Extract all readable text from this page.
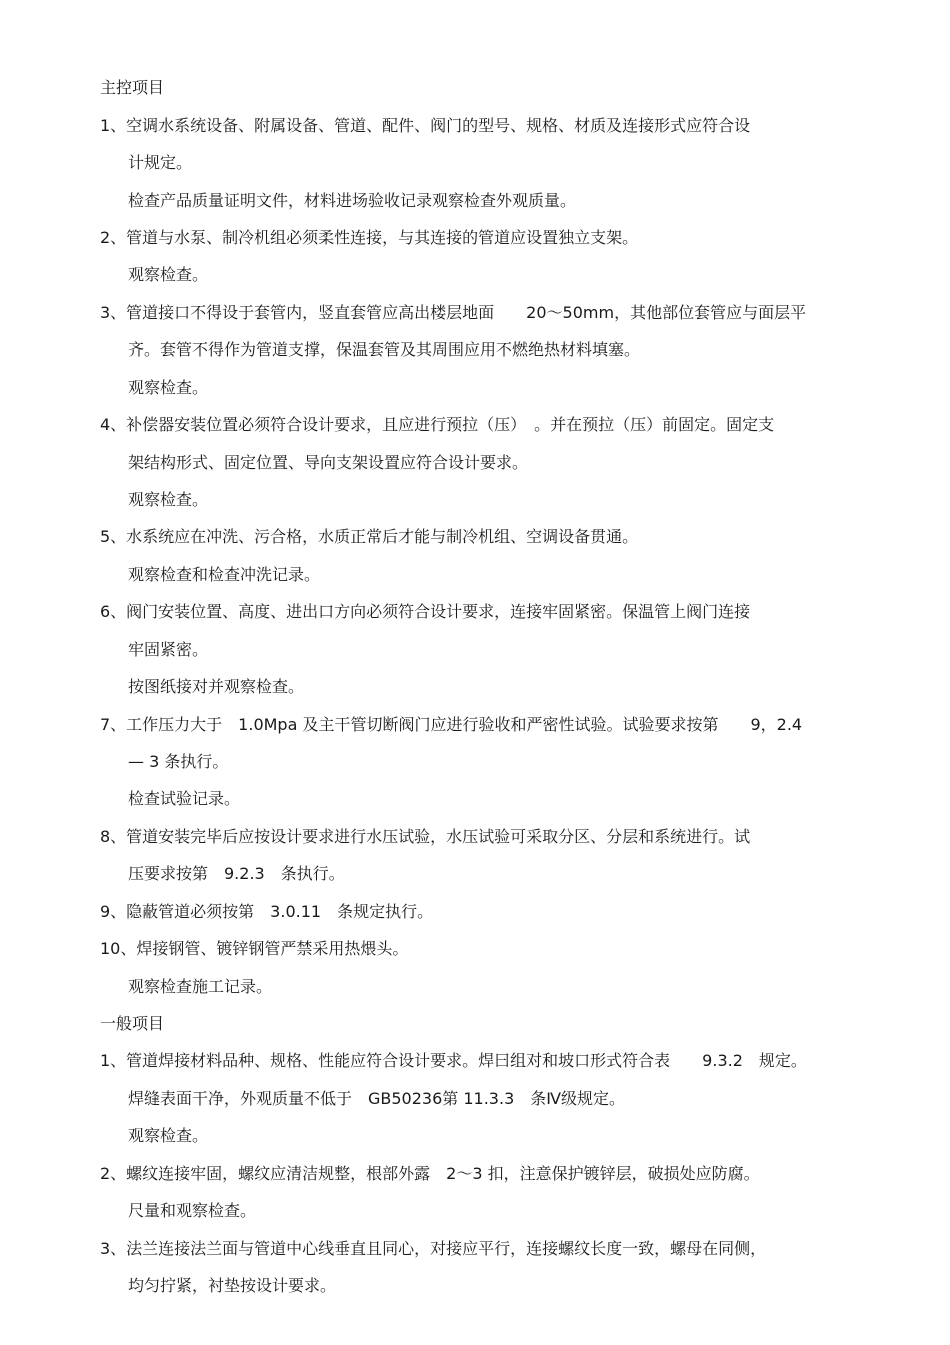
主控项目
1、空调水系统设备、附属设备、管道、配件、阀门的型号、规格、材质及连接形式应符合设
计规定。
检查产品质量证明文件，材料进场验收记录观察检查外观质量。
2、管道与水泵、制冷机组必须柔性连接，与其连接的管道应设置独立支架。
观察检查。
3、管道接口不得设于套管内，竖直套管应高出楼层地面　　20～50mm，其他部位套管应与面层平
齐。套管不得作为管道支撑，保温套管及其周围应用不燃绝热材料填塞。
观察检查。
4、补偿器安装位置必须符合设计要求，且应进行预拉（压）　。并在预拉（压）前固定。固定支
架结构形式、固定位置、导向支架设置应符合设计要求。
观察检查。
5、水系统应在冲洗、污合格，水质正常后才能与制冷机组、空调设备贯通。
观察检查和检查冲洗记录。
6、阀门安装位置、高度、进出口方向必须符合设计要求，连接牢固紧密。保温管上阀门连接
牢固紧密。
按图纸接对并观察检查。
7、工作压力大于　1.0Mpa 及主干管切断阀门应进行验收和严密性试验。试验要求按第　　9，2.4
— 3 条执行。
检查试验记录。
8、管道安装完毕后应按设计要求进行水压试验，水压试验可采取分区、分层和系统进行。试
压要求按第　9.2.3　条执行。
9、隐蔽管道必须按第　3.0.11　条规定执行。
10、焊接钢管、镀锌钢管严禁采用热煨头。
观察检查施工记录。
一般项目
1、管道焊接材料品种、规格、性能应符合设计要求。焊曰组对和坡口形式符合表　　9.3.2　规定。
焊缝表面干净，外观质量不低于　GB50236第 11.3.3　条Ⅳ级规定。
观察检查。
2、螺纹连接牢固，螺纹应清洁规整，根部外露　2～3 扣，注意保护镀锌层，破损处应防腐。
尺量和观察检查。
3、法兰连接法兰面与管道中心线垂直且同心，对接应平行，连接螺纹长度一致，螺母在同侧，
均匀拧紧，衬垫按设计要求。
